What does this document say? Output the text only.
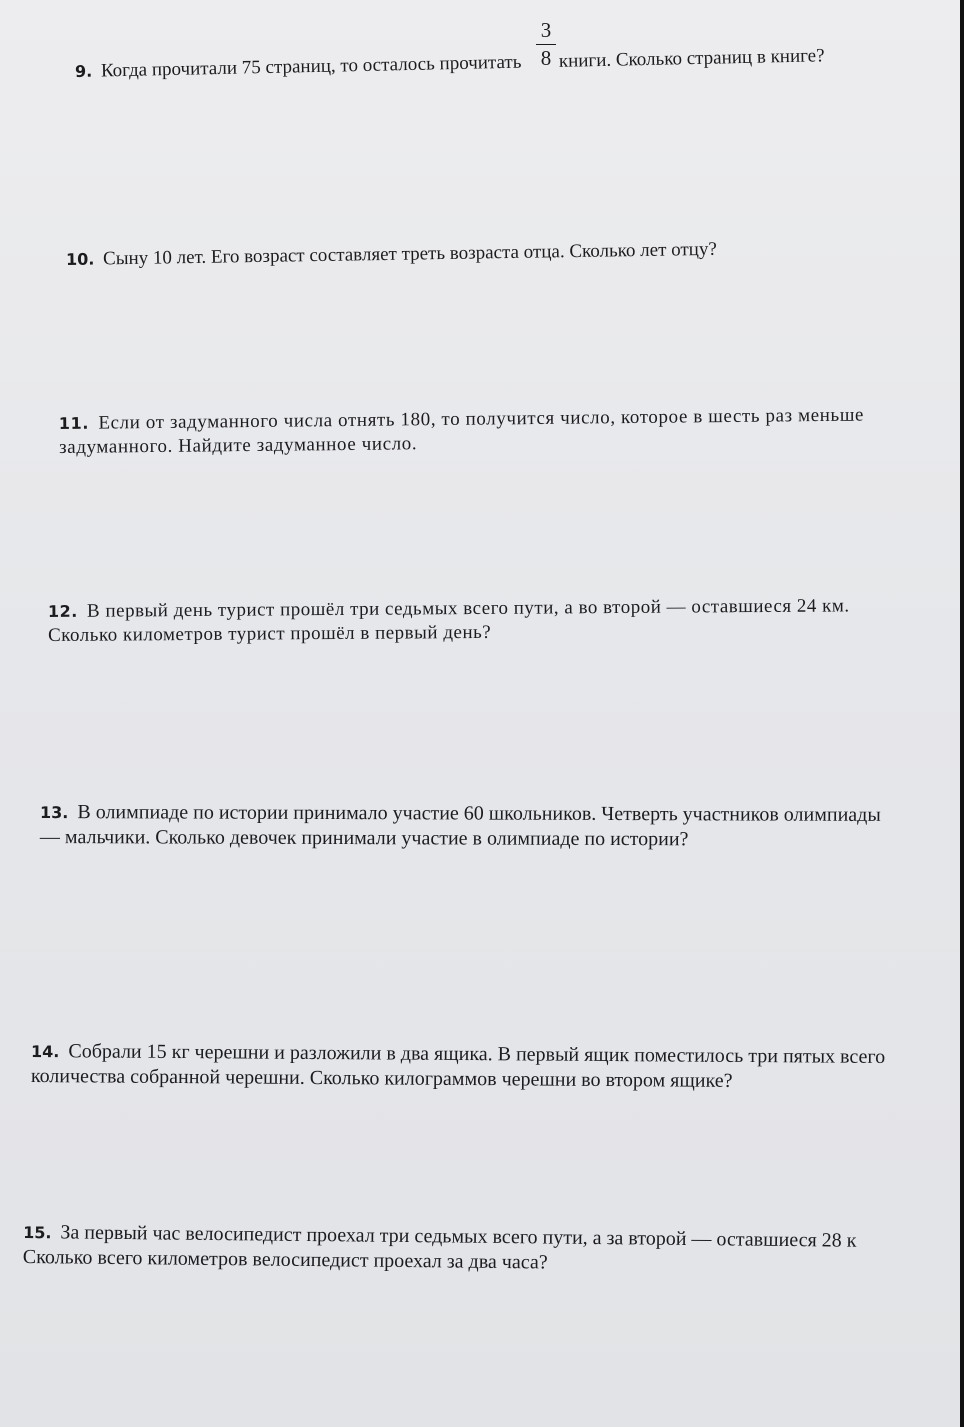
3
8
9. Когда прочитали 75 страниц, то осталось прочитать книги. Сколько страниц в книге?
10. Сыну 10 лет. Его возраст составляет треть возраста отца. Сколько лет отцу?
11. Если от задуманного числа отнять 180, то получится число, которое в шесть раз меньше
задуманного. Найдите задуманное число.
12. В первый день турист прошёл три седьмых всего пути, а во второй — оставшиеся 24 км.
Сколько километров турист прошёл в первый день?
13. В олимпиаде по истории принимало участие 60 школьников. Четверть участников олимпиады
— мальчики. Сколько девочек принимали участие в олимпиаде по истории?
14. Собрали 15 кг черешни и разложили в два ящика. В первый ящик поместилось три пятых всего
количества собранной черешни. Сколько килограммов черешни во втором ящике?
15. За первый час велосипедист проехал три седьмых всего пути, а за второй — оставшиеся 28 к
Сколько всего километров велосипедист проехал за два часа?
